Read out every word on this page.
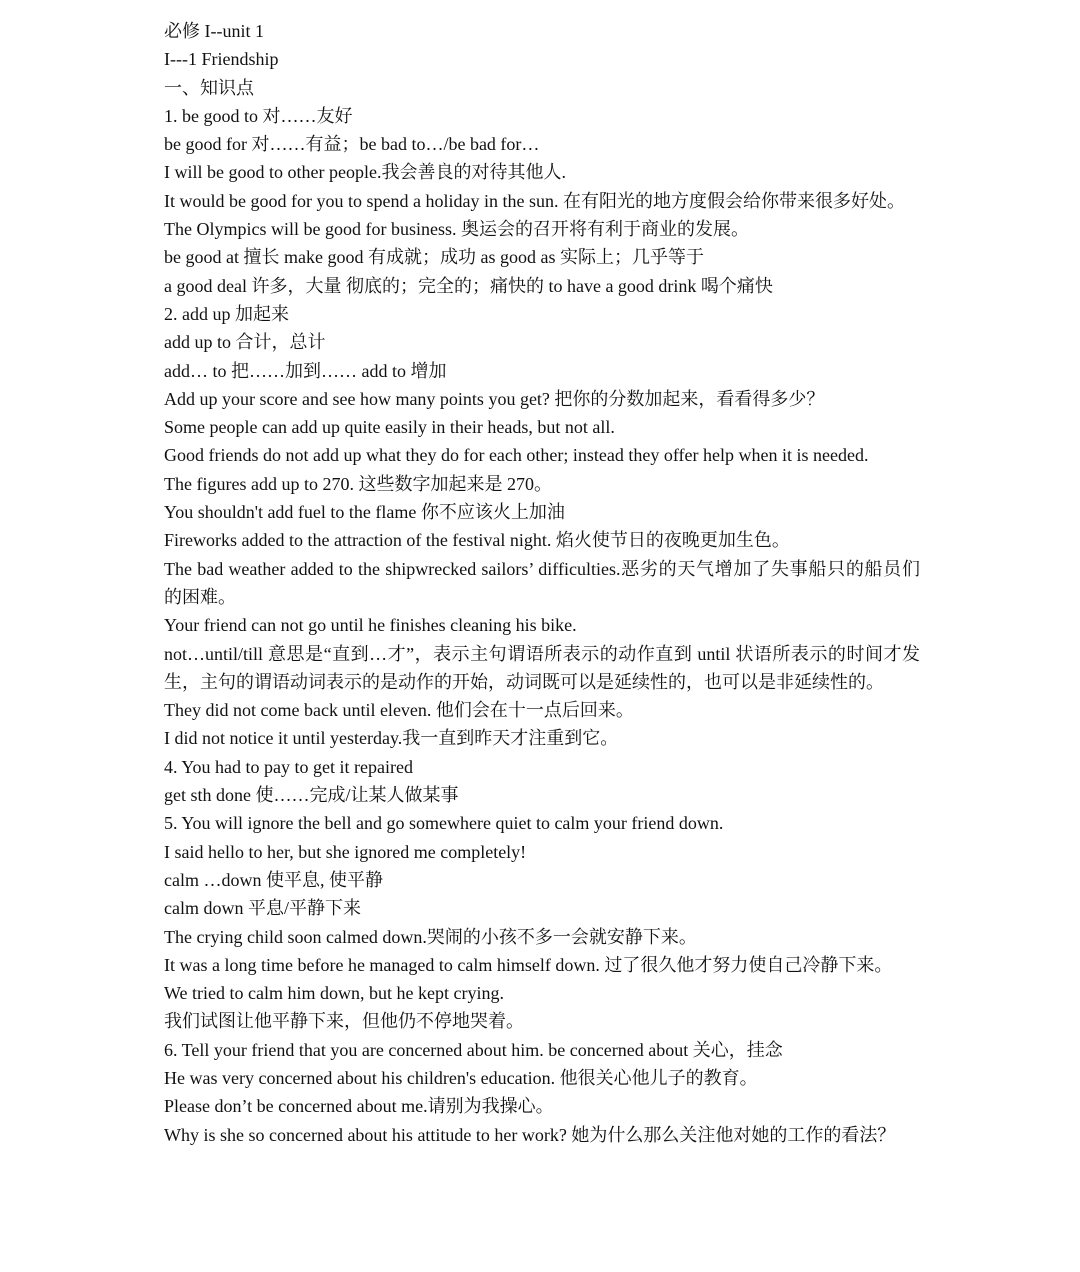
必修 I--unit 1

I---1 Friendship

一、知识点

1. be good to 对……友好

be good for 对……有益；be bad to…/be bad for…

I will be good to other people.我会善良的对待其他人.

It would be good for you to spend a holiday in the sun. 在有阳光的地方度假会给你带来很多好处。

The Olympics will be good for business. 奥运会的召开将有利于商业的发展。

be good at 擅长 make good 有成就；成功 as good as 实际上；几乎等于

a good deal 许多，大量 彻底的；完全的；痛快的 to have a good drink 喝个痛快

2. add up 加起来

add up to 合计，总计

add… to 把……加到…… add to 增加

Add up your score and see how many points you get? 把你的分数加起来，看看得多少？

Some people can add up quite easily in their heads, but not all.

Good friends do not add up what they do for each other; instead they offer help when it is needed.

The figures add up to 270. 这些数字加起来是 270。

You shouldn't add fuel to the flame 你不应该火上加油

Fireworks added to the attraction of the festival night. 焰火使节日的夜晚更加生色。

The bad weather added to the shipwrecked sailors’ difficulties.恶劣的天气增加了失事船只的船员们的困难。

Your friend can not go until he finishes cleaning his bike.

not…until/till 意思是“直到…才”，表示主句谓语所表示的动作直到 until 状语所表示的时间才发生，主句的谓语动词表示的是动作的开始，动词既可以是延续性的，也可以是非延续性的。

They did not come back until eleven. 他们会在十一点后回来。

I did not notice it until yesterday.我一直到昨天才注重到它。

4. You had to pay to get it repaired

get sth done 使……完成/让某人做某事

5. You will ignore the bell and go somewhere quiet to calm your friend down.

I said hello to her, but she ignored me completely!

calm …down 使平息, 使平静

calm down 平息/平静下来

The crying child soon calmed down.哭闹的小孩不多一会就安静下来。

It was a long time before he managed to calm himself down. 过了很久他才努力使自己冷静下来。

We tried to calm him down, but he kept crying.

我们试图让他平静下来，但他仍不停地哭着。

6. Tell your friend that you are concerned about him. be concerned about 关心，挂念

He was very concerned about his children's education. 他很关心他儿子的教育。

Please don’t be concerned about me.请别为我操心。

Why is she so concerned about his attitude to her work? 她为什么那么关注他对她的工作的看法？
